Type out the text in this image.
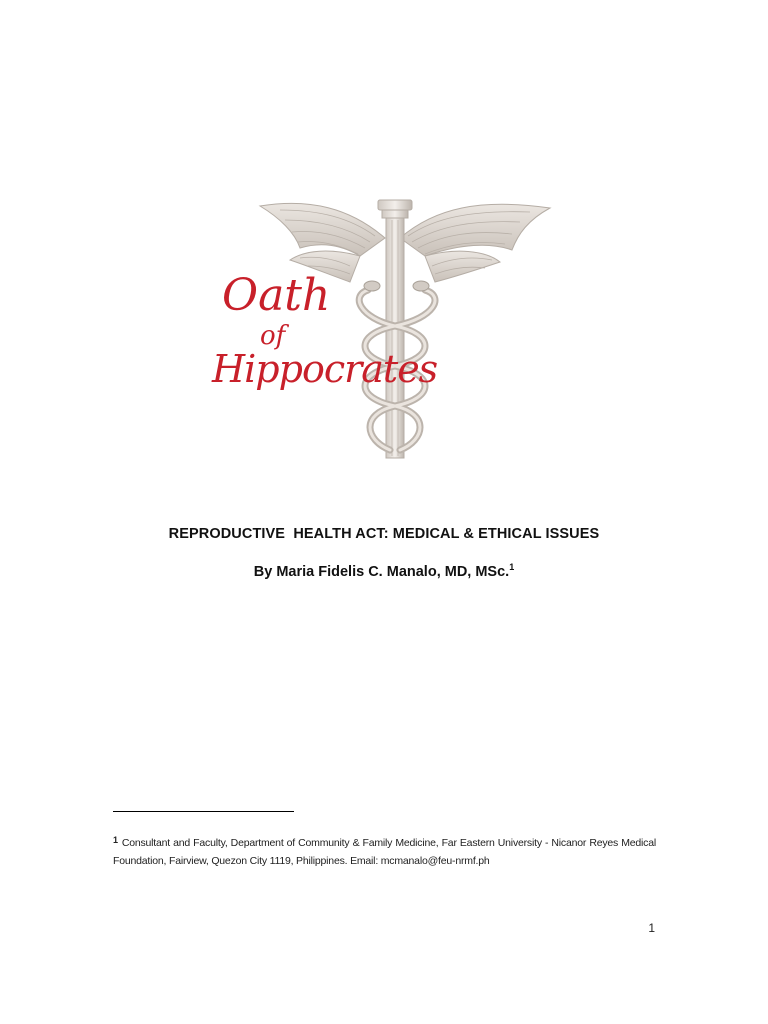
Oath
of
Hippocrates
REPRODUCTIVE  HEALTH ACT: MEDICAL & ETHICAL ISSUES
By Maria Fidelis C. Manalo, MD, MSc.$^1$
1 Consultant and Faculty, Department of Community & Family Medicine, Far Eastern University - Nicanor Reyes Medical Foundation, Fairview, Quezon City 1119, Philippines. Email: mcmanalo@feu-nrmf.ph
1
